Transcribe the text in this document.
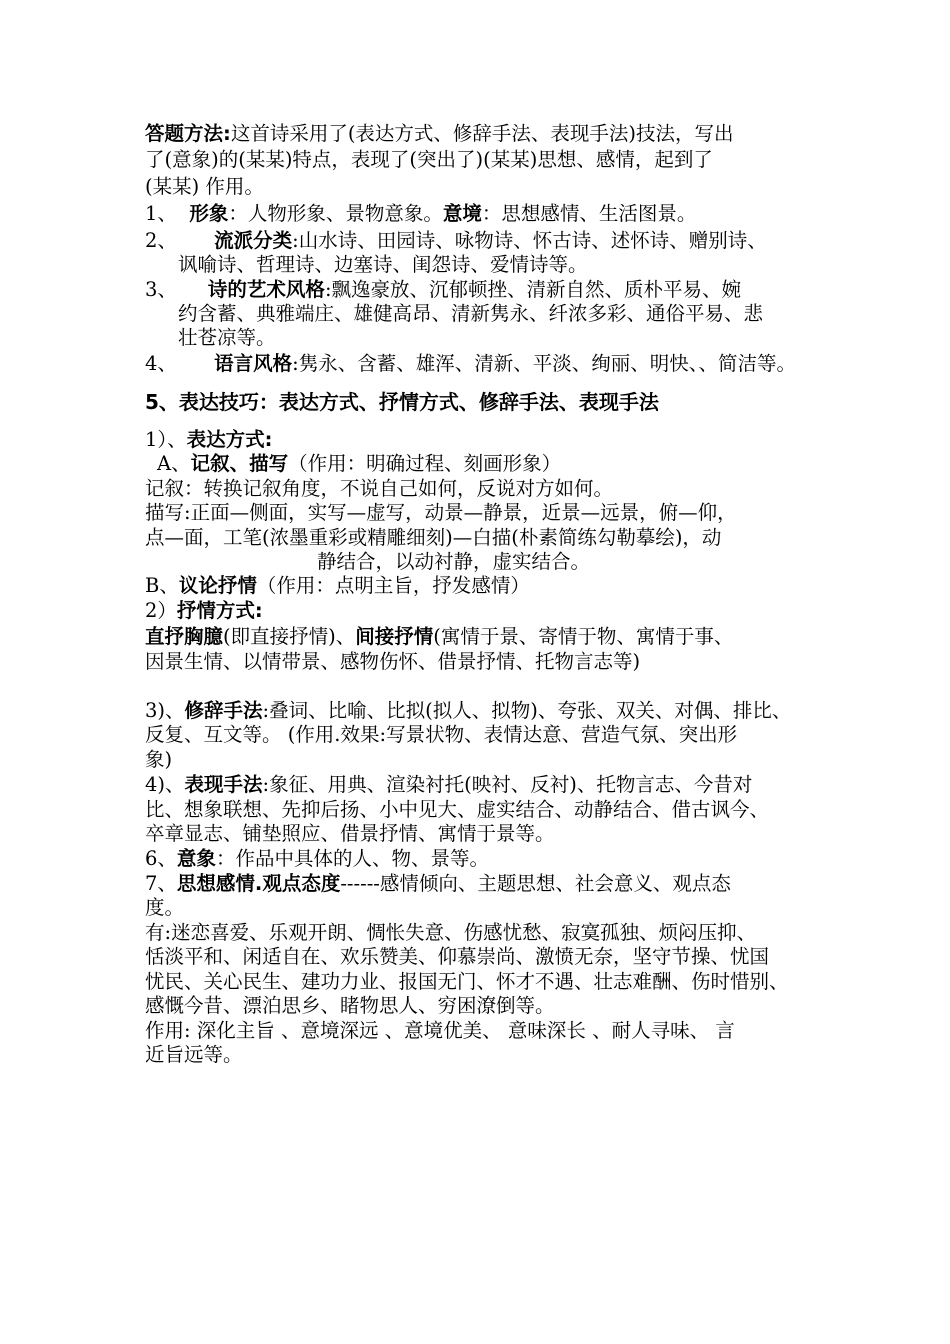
答题方法:这首诗采用了(表达方式、修辞手法、表现手法)技法，写出
了(意象)的(某某)特点，表现了(突出了)(某某)思想、感情，起到了
(某某) 作用。
1、 形象：人物形象、景物意象。意境：思想感情、生活图景。
2、 流派分类:山水诗、田园诗、咏物诗、怀古诗、述怀诗、赠别诗、
讽喻诗、哲理诗、边塞诗、闺怨诗、爱情诗等。
3、 诗的艺术风格:飘逸豪放、沉郁顿挫、清新自然、质朴平易、婉
约含蓄、典雅端庄、雄健高昂、清新隽永、纤浓多彩、通俗平易、悲
壮苍凉等。
4、 语言风格:隽永、含蓄、雄浑、清新、平淡、绚丽、明快、、简洁等。
5、表达技巧：表达方式、抒情方式、修辞手法、表现手法
1）、表达方式:
A、记叙、描写（作用：明确过程、刻画形象）
记叙：转换记叙角度，不说自己如何，反说对方如何。
描写:正面—侧面，实写—虚写，动景—静景，近景—远景，俯—仰，
点—面，工笔(浓墨重彩或精雕细刻)—白描(朴素简练勾勒摹绘)，动
静结合，以动衬静，虚实结合。
B、议论抒情（作用：点明主旨，抒发感情）
2）抒情方式:
直抒胸臆(即直接抒情)、间接抒情(寓情于景、寄情于物、寓情于事、
因景生情、以情带景、感物伤怀、借景抒情、托物言志等)
3)、修辞手法:叠词、比喻、比拟(拟人、拟物)、夸张、双关、对偶、排比、
反复、互文等。 (作用.效果:写景状物、表情达意、营造气氛、突出形
象)
4)、表现手法:象征、用典、渲染衬托(映衬、反衬)、托物言志、今昔对
比、想象联想、先抑后扬、小中见大、虚实结合、动静结合、借古讽今、
卒章显志、铺垫照应、借景抒情、寓情于景等。
6、意象：作品中具体的人、物、景等。
7、思想感情.观点态度------感情倾向、主题思想、社会意义、观点态
度。
有:迷恋喜爱、乐观开朗、惆怅失意、伤感忧愁、寂寞孤独、烦闷压抑、
恬淡平和、闲适自在、欢乐赞美、仰慕崇尚、激愤无奈，坚守节操、忧国
忧民、关心民生、建功力业、报国无门、怀才不遇、壮志难酬、伤时惜别、
感慨今昔、漂泊思乡、睹物思人、穷困潦倒等。
作用: 深化主旨 、意境深远 、意境优美、 意味深长 、耐人寻味、 言
近旨远等。
